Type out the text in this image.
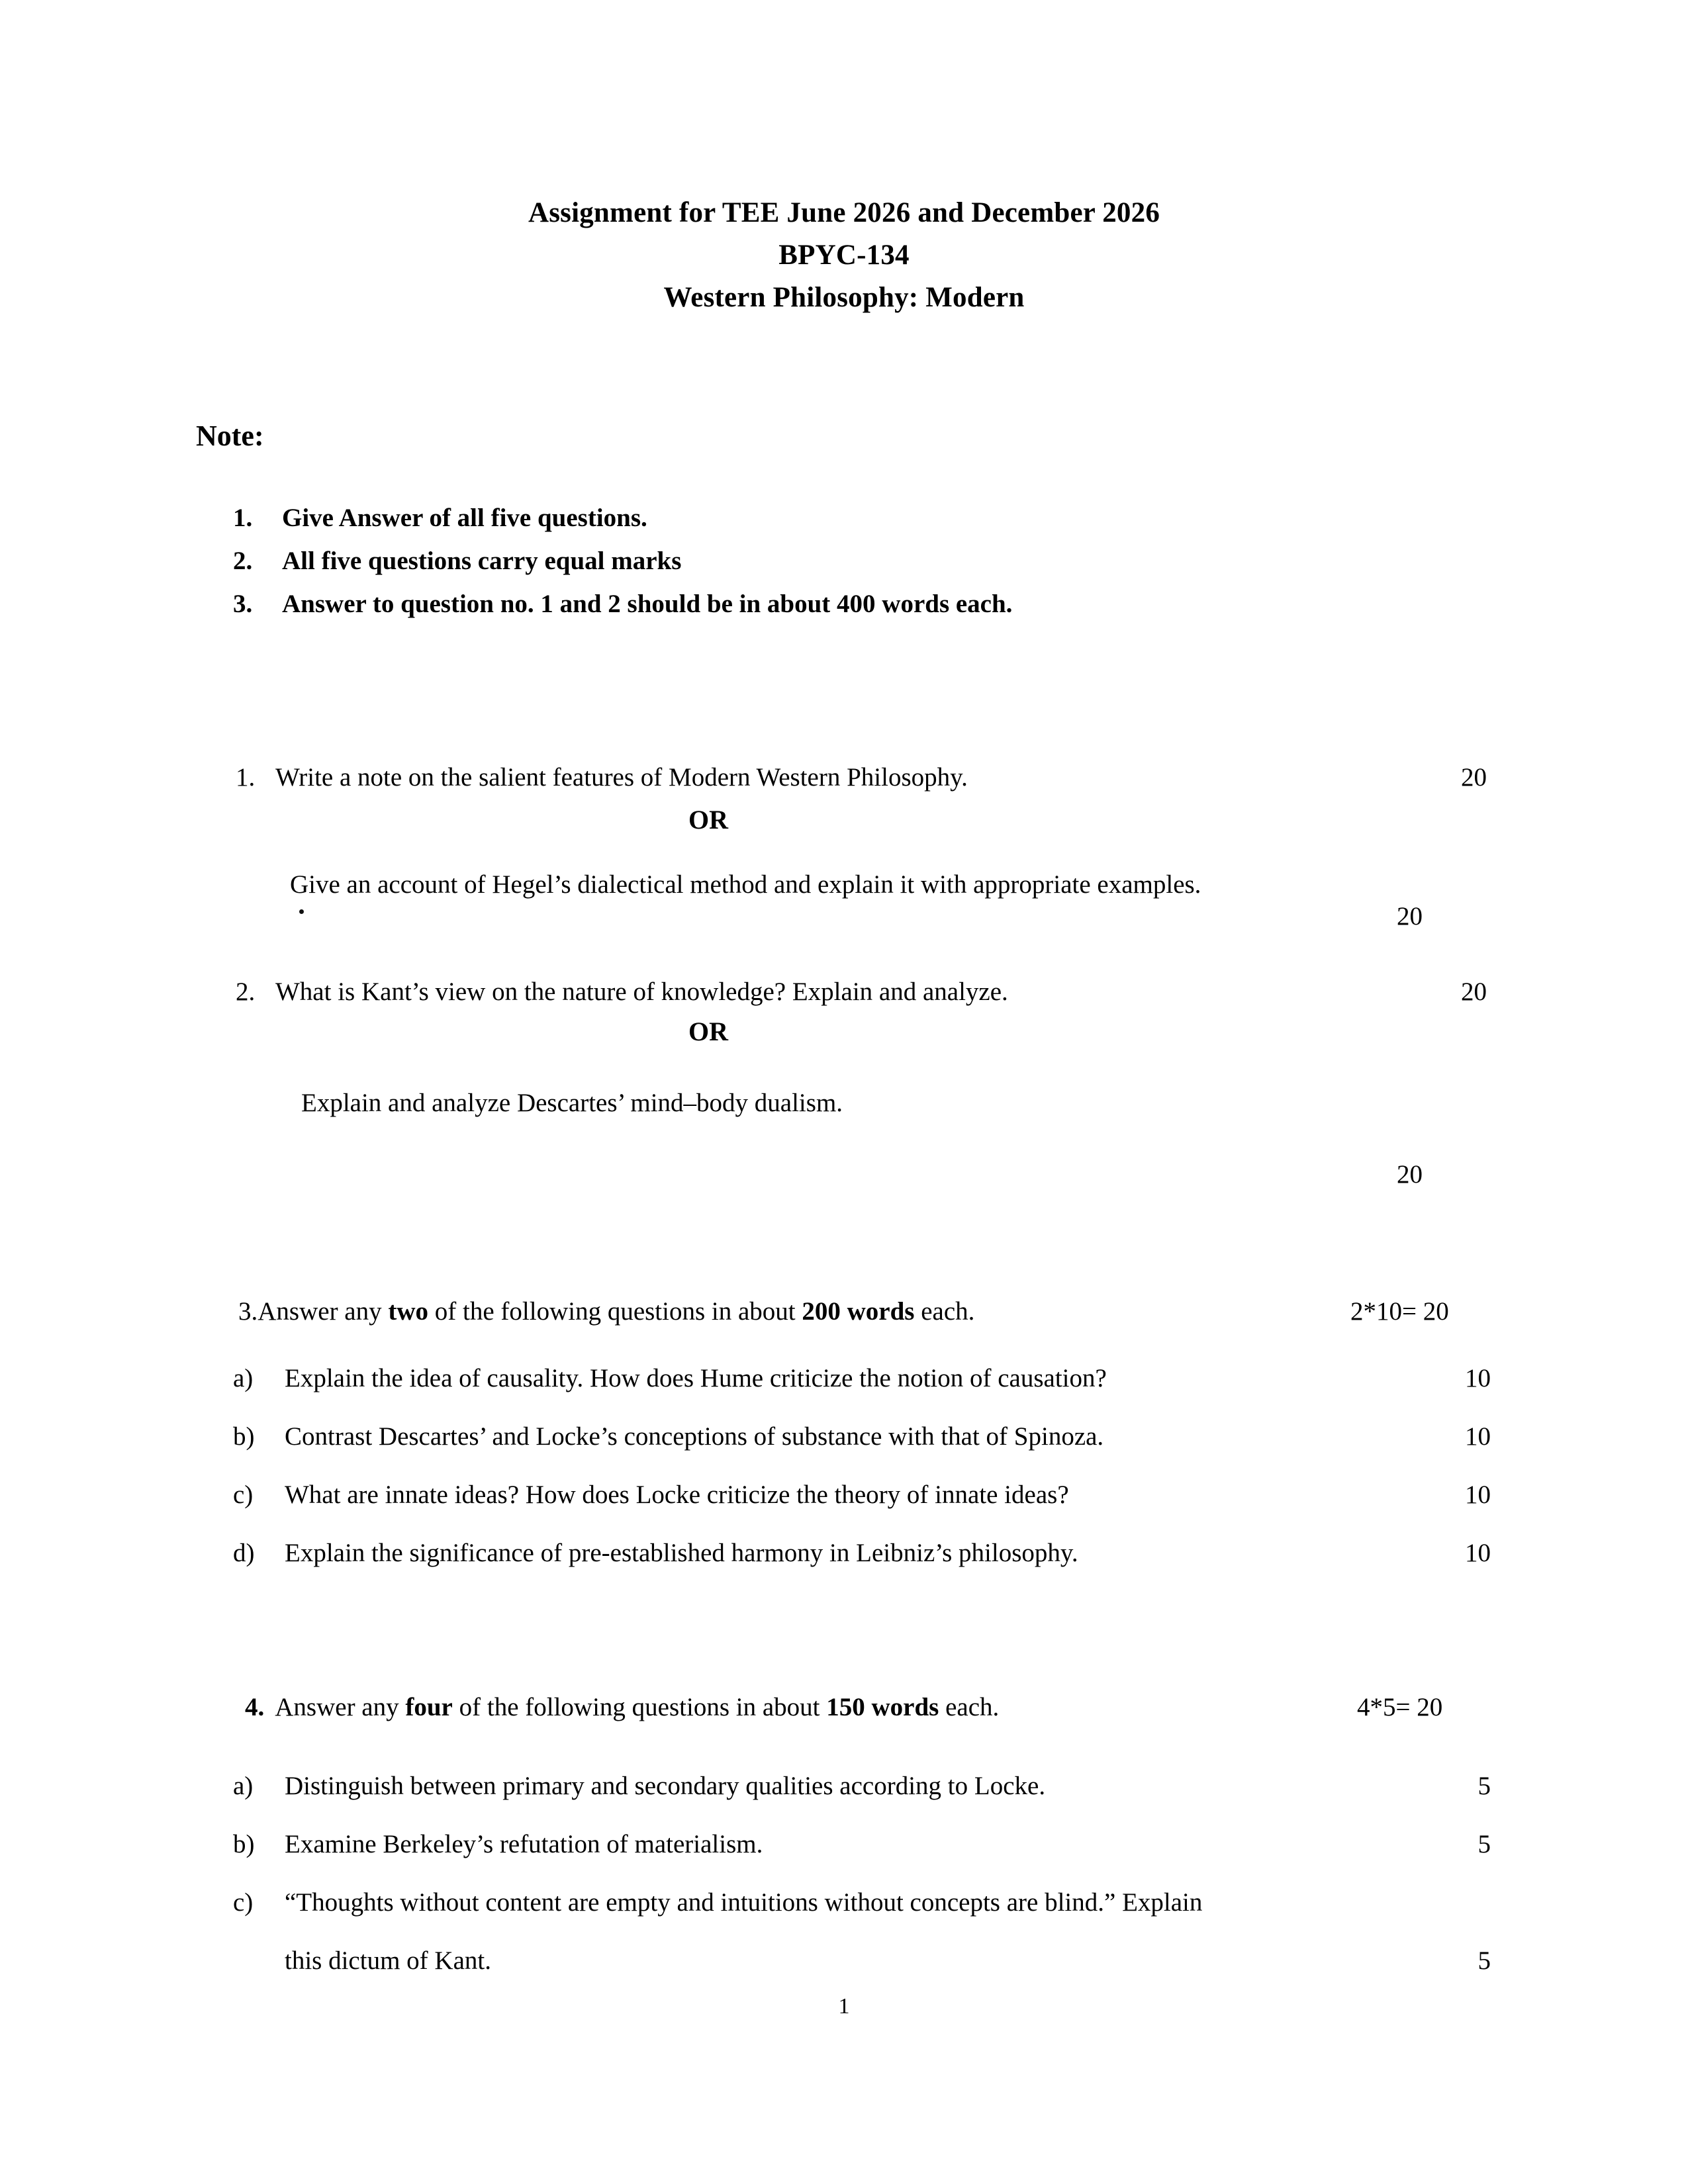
Assignment for TEE June 2026 and December 2026
BPYC-134
Western Philosophy: Modern
Note:
1.	Give Answer of all five questions.
2.	All five questions carry equal marks
3.	Answer to question no. 1 and 2 should be in about 400 words each.
1. Write a note on the salient features of Modern Western Philosophy.	20
OR
Give an account of Hegel’s dialectical method and explain it with appropriate examples.
20
2. What is Kant’s view on the nature of knowledge? Explain and analyze.	20
OR
Explain and analyze Descartes’ mind–body dualism.
20
3. Answer any two of the following questions in about 200 words each.	2*10= 20
a)	Explain the idea of causality. How does Hume criticize the notion of causation?	10
b)	Contrast Descartes’ and Locke’s conceptions of substance with that of Spinoza.	10
c)	What are innate ideas? How does Locke criticize the theory of innate ideas?	10
d)	Explain the significance of pre-established harmony in Leibniz’s philosophy.	10
4. Answer any four of the following questions in about 150 words each.	4*5= 20
a)	Distinguish between primary and secondary qualities according to Locke.	5
b)	Examine Berkeley’s refutation of materialism.	5
c)	“Thoughts without content are empty and intuitions without concepts are blind.” Explain
this dictum of Kant.	5
1
